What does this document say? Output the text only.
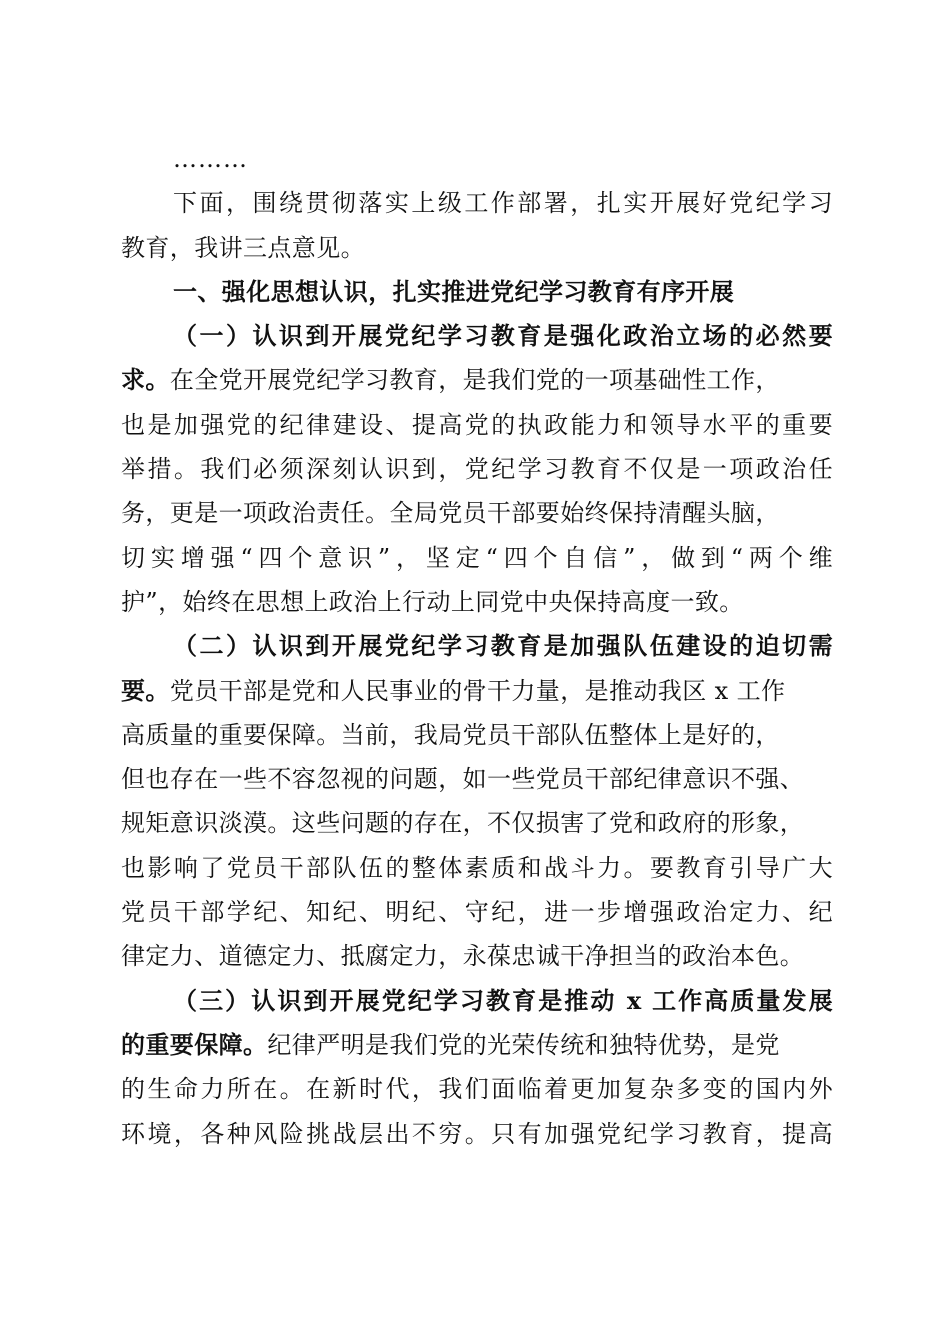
………
下面，围绕贯彻落实上级工作部署，扎实开展好党纪学习
教育，我讲三点意见。
一、强化思想认识，扎实推进党纪学习教育有序开展
（一）认识到开展党纪学习教育是强化政治立场的必然要
求。在全党开展党纪学习教育，是我们党的一项基础性工作，
也是加强党的纪律建设、提高党的执政能力和领导水平的重要
举措。我们必须深刻认识到，党纪学习教育不仅是一项政治任
务，更是一项政治责任。全局党员干部要始终保持清醒头脑，
切实增强“四个意识”，坚定“四个自信”，做到“两个维
护”，始终在思想上政治上行动上同党中央保持高度一致。
（二）认识到开展党纪学习教育是加强队伍建设的迫切需
要。党员干部是党和人民事业的骨干力量，是推动我区 x 工作
高质量的重要保障。当前，我局党员干部队伍整体上是好的，
但也存在一些不容忽视的问题，如一些党员干部纪律意识不强、
规矩意识淡漠。这些问题的存在，不仅损害了党和政府的形象，
也影响了党员干部队伍的整体素质和战斗力。要教育引导广大
党员干部学纪、知纪、明纪、守纪，进一步增强政治定力、纪
律定力、道德定力、抵腐定力，永葆忠诚干净担当的政治本色。
（三）认识到开展党纪学习教育是推动 x 工作高质量发展
的重要保障。纪律严明是我们党的光荣传统和独特优势，是党
的生命力所在。在新时代，我们面临着更加复杂多变的国内外
环境，各种风险挑战层出不穷。只有加强党纪学习教育，提高
